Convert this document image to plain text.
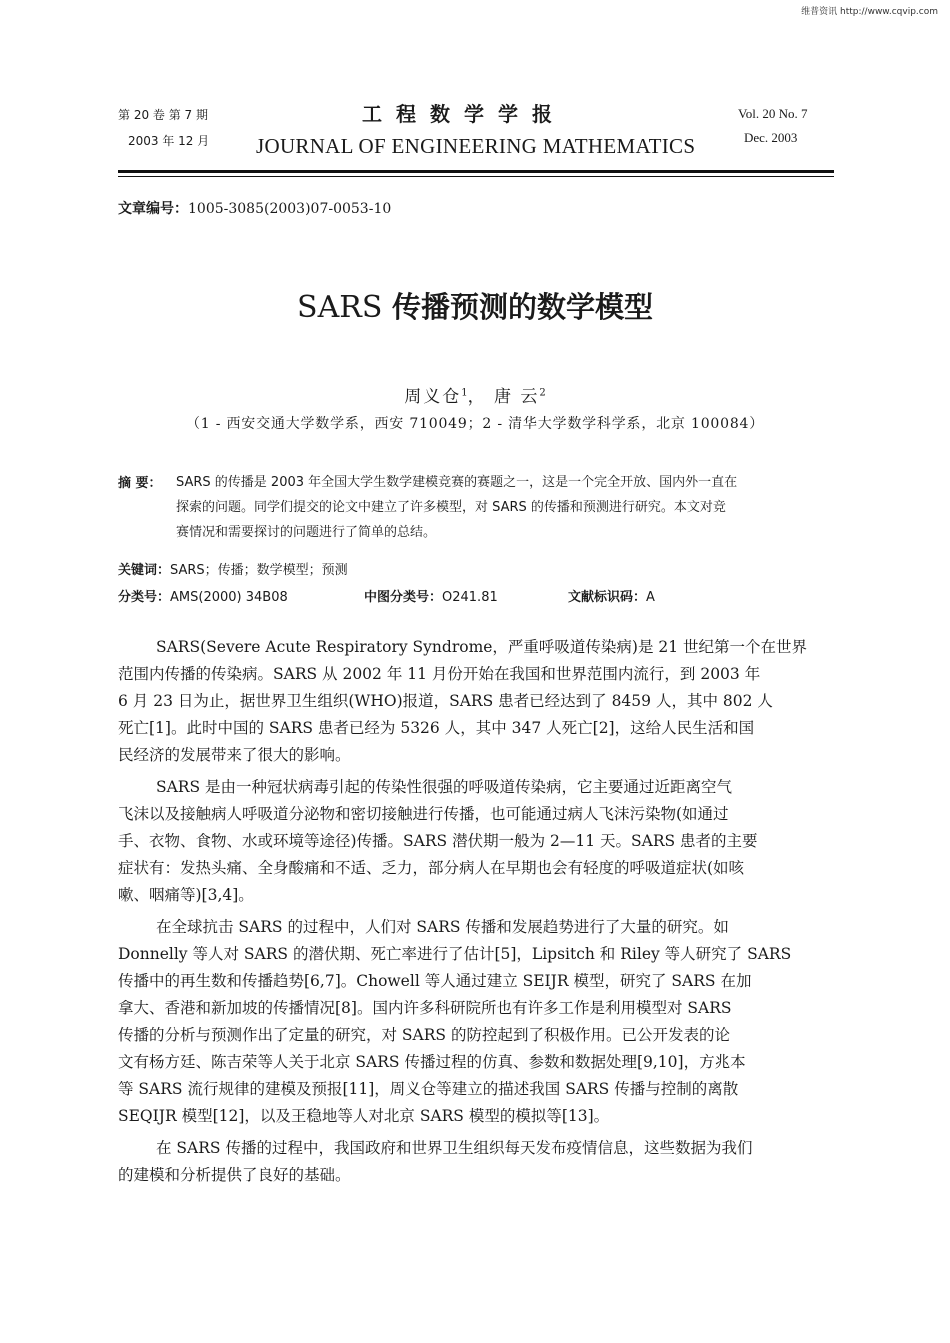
维普资讯 http://www.cqvip.com
第 20 卷 第 7 期
2003 年 12 月
工程数学学报
JOURNAL OF ENGINEERING MATHEMATICS
Vol. 20 No. 7
Dec. 2003
文章编号：1005-3085(2003)07-0053-10
SARS 传播预测的数学模型
周义仓$^1$， 唐 云$^2$
（1 - 西安交通大学数学系，西安 710049；2 - 清华大学数学科学系，北京 100084）
摘 要： SARS 的传播是 2003 年全国大学生数学建模竞赛的赛题之一，这是一个完全开放、国内外一直在
探索的问题。同学们提交的论文中建立了许多模型，对 SARS 的传播和预测进行研究。本文对竞
赛情况和需要探讨的问题进行了简单的总结。
关键词：SARS；传播；数学模型；预测
分类号：AMS(2000) 34B08	中图分类号：O241.81	文献标识码：A

SARS(Severe Acute Respiratory Syndrome，严重呼吸道传染病)是 21 世纪第一个在世界
范围内传播的传染病。SARS 从 2002 年 11 月份开始在我国和世界范围内流行，到 2003 年
6 月 23 日为止，据世界卫生组织(WHO)报道，SARS 患者已经达到了 8459 人，其中 802 人
死亡[1]。此时中国的 SARS 患者已经为 5326 人，其中 347 人死亡[2]，这给人民生活和国
民经济的发展带来了很大的影响。

SARS 是由一种冠状病毒引起的传染性很强的呼吸道传染病，它主要通过近距离空气
飞沫以及接触病人呼吸道分泌物和密切接触进行传播，也可能通过病人飞沫污染物(如通过
手、衣物、食物、水或环境等途径)传播。SARS 潜伏期一般为 2—11 天。SARS 患者的主要
症状有：发热头痛、全身酸痛和不适、乏力，部分病人在早期也会有轻度的呼吸道症状(如咳
嗽、咽痛等)[3,4]。

在全球抗击 SARS 的过程中，人们对 SARS 传播和发展趋势进行了大量的研究。如
Donnelly 等人对 SARS 的潜伏期、死亡率进行了估计[5]，Lipsitch 和 Riley 等人研究了 SARS
传播中的再生数和传播趋势[6,7]。Chowell 等人通过建立 SEIJR 模型，研究了 SARS 在加
拿大、香港和新加坡的传播情况[8]。国内许多科研院所也有许多工作是利用模型对 SARS
传播的分析与预测作出了定量的研究，对 SARS 的防控起到了积极作用。已公开发表的论
文有杨方廷、陈吉荣等人关于北京 SARS 传播过程的仿真、参数和数据处理[9,10]，方兆本
等 SARS 流行规律的建模及预报[11]，周义仓等建立的描述我国 SARS 传播与控制的离散
SEQIJR 模型[12]，以及王稳地等人对北京 SARS 模型的模拟等[13]。

在 SARS 传播的过程中，我国政府和世界卫生组织每天发布疫情信息，这些数据为我们
的建模和分析提供了良好的基础。
